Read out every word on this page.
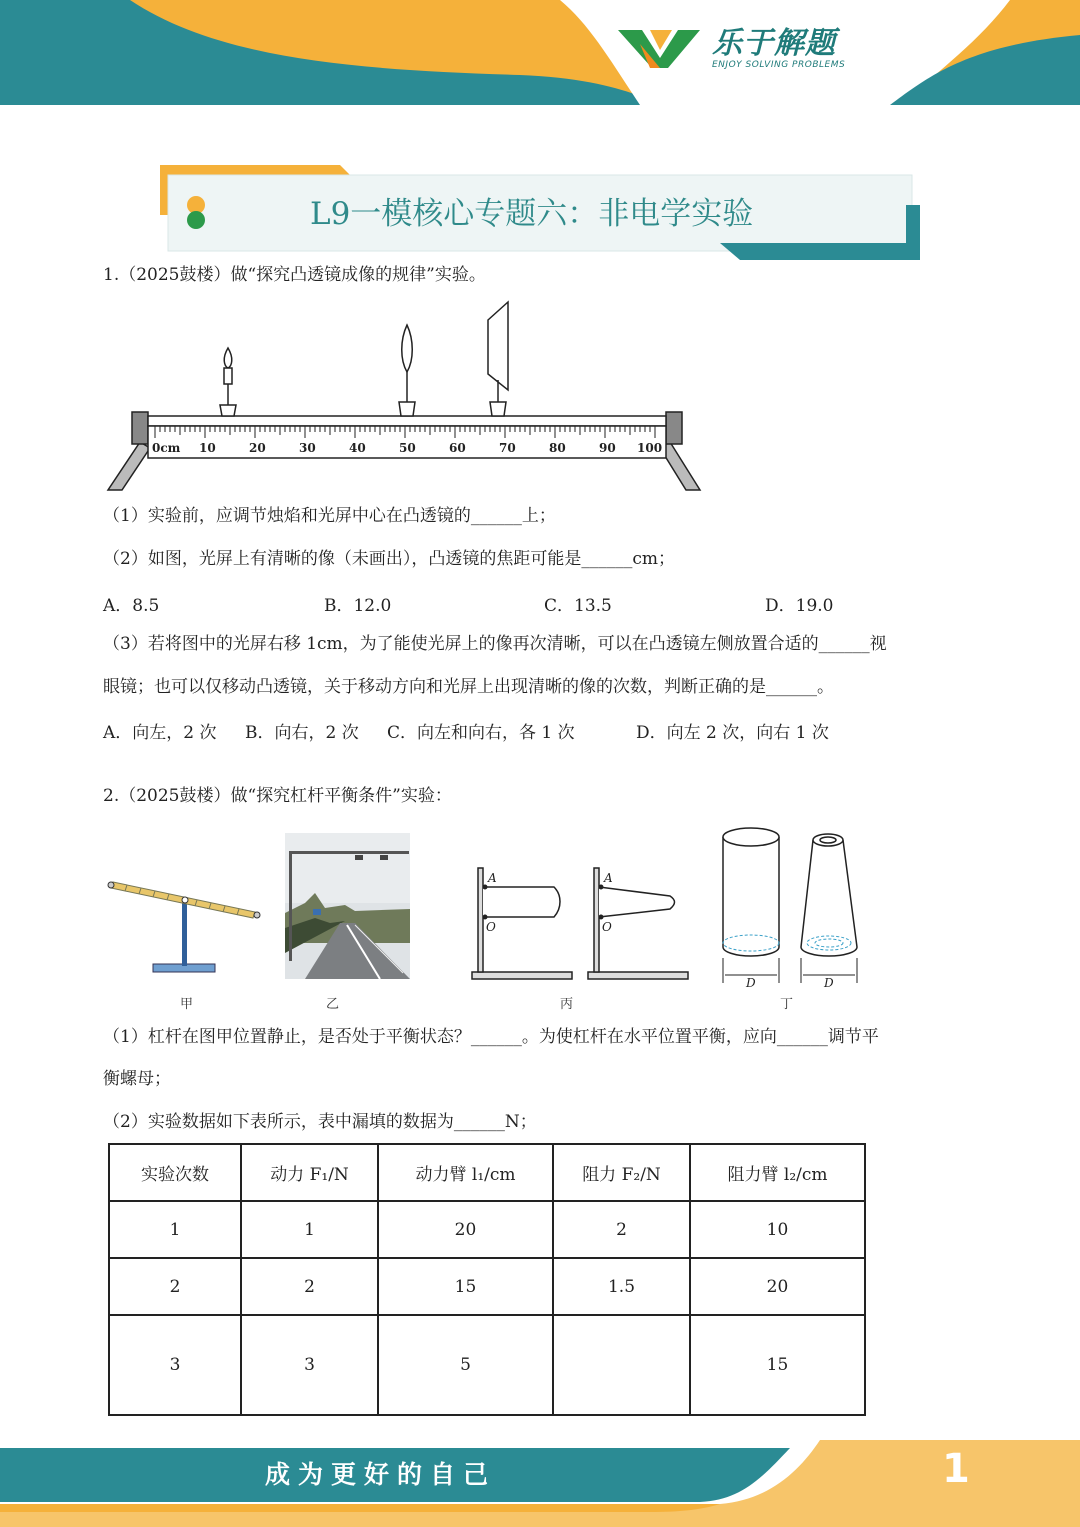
乐于解题
ENJOY SOLVING PROBLEMS
L9一模核心专题六：非电学实验
1.（2025鼓楼）做“探究凸透镜成像的规律”实验。
0cm 10	20	30	40	50	60	70	80	90 100
（1）实验前，应调节烛焰和光屏中心在凸透镜的______上；
（2）如图，光屏上有清晰的像（未画出），凸透镜的焦距可能是______cm；
A．8.5	B．12.0	C．13.5	D．19.0
（3）若将图中的光屏右移 1cm，为了能使光屏上的像再次清晰，可以在凸透镜左侧放置合适的______视
眼镜；也可以仅移动凸透镜，关于移动方向和光屏上出现清晰的像的次数，判断正确的是______。
A．向左，2 次 B．向右，2 次 C．向左和向右，各 1 次	D．向左 2 次，向右 1 次
2.（2025鼓楼）做“探究杠杆平衡条件”实验：
甲	乙
A
O
A
O
丙
D	D
丁
（1）杠杆在图甲位置静止，是否处于平衡状态？______。为使杠杆在水平位置平衡，应向______调节平
衡螺母；
（2）实验数据如下表所示，表中漏填的数据为______N；
实验次数	动力 F₁/N	动力臂 l₁/cm	阻力 F₂/N	阻力臂 l₂/cm
1	1	20	2	10
2	2	15	1.5	20
3	3	5		15
成为更好的自己	1
